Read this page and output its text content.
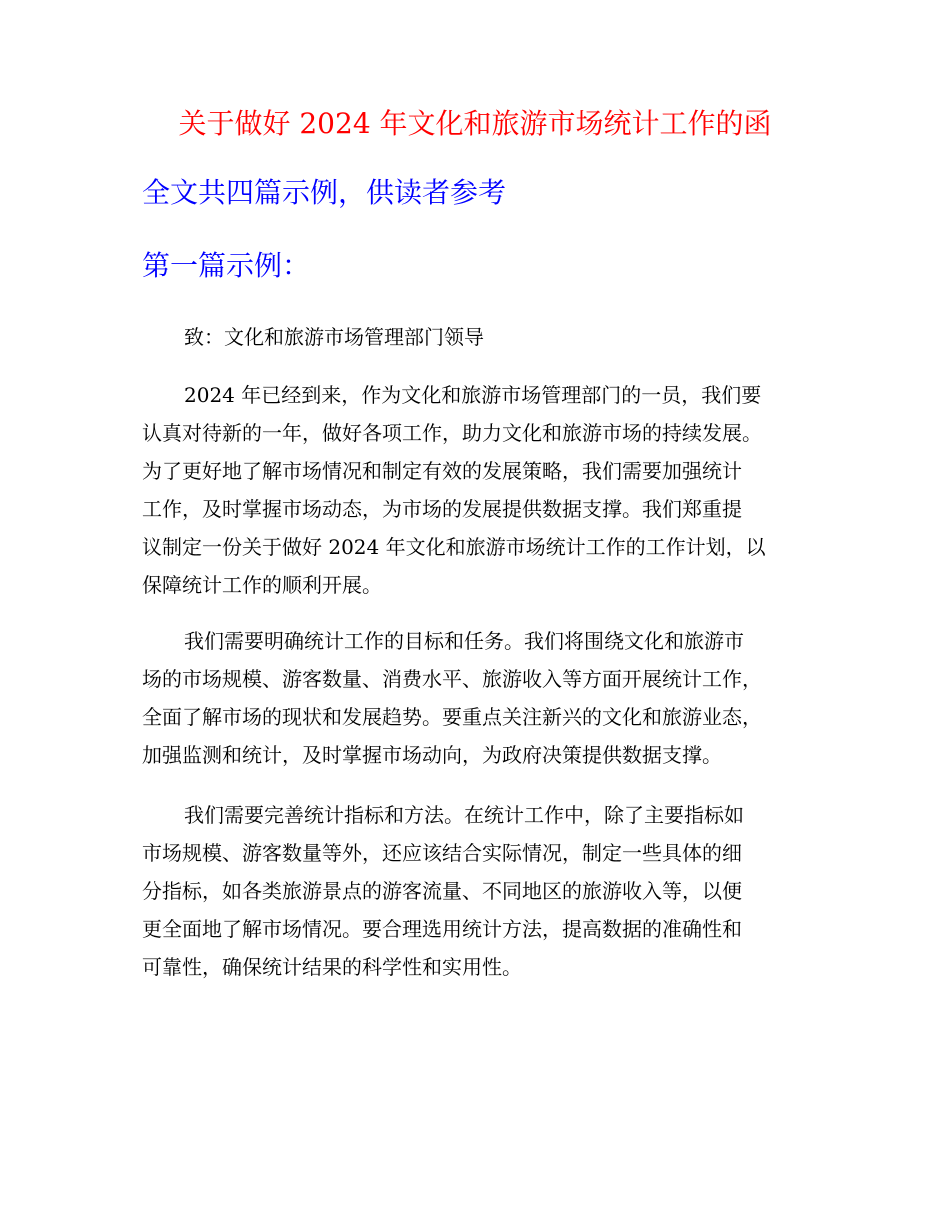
关于做好 2024 年文化和旅游市场统计工作的函
全文共四篇示例，供读者参考
第一篇示例：
致：文化和旅游市场管理部门领导
2024 年已经到来，作为文化和旅游市场管理部门的一员，我们要
认真对待新的一年，做好各项工作，助力文化和旅游市场的持续发展。
为了更好地了解市场情况和制定有效的发展策略，我们需要加强统计
工作，及时掌握市场动态，为市场的发展提供数据支撑。我们郑重提
议制定一份关于做好 2024 年文化和旅游市场统计工作的工作计划，以
保障统计工作的顺利开展。
我们需要明确统计工作的目标和任务。我们将围绕文化和旅游市
场的市场规模、游客数量、消费水平、旅游收入等方面开展统计工作，
全面了解市场的现状和发展趋势。要重点关注新兴的文化和旅游业态，
加强监测和统计，及时掌握市场动向，为政府决策提供数据支撑。
我们需要完善统计指标和方法。在统计工作中，除了主要指标如
市场规模、游客数量等外，还应该结合实际情况，制定一些具体的细
分指标，如各类旅游景点的游客流量、不同地区的旅游收入等，以便
更全面地了解市场情况。要合理选用统计方法，提高数据的准确性和
可靠性，确保统计结果的科学性和实用性。
